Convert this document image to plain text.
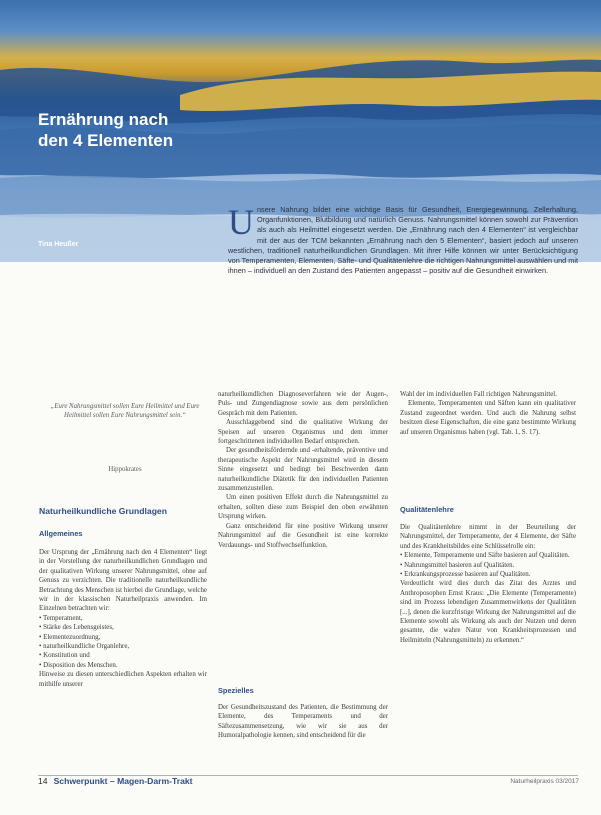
Ernährung nach
den 4 Elementen
Tina Heußer
Unsere Nahrung bildet eine wichtige Basis für Gesundheit, Energiegewinnung, Zellerhaltung, Organfunktionen, Blutbildung und natürlich Genuss. Nahrungsmittel können sowohl zur Prävention als auch als Heilmittel eingesetzt werden. Die „Ernährung nach den 4 Elementen“ ist vergleichbar mit der aus der TCM bekannten „Ernährung nach den 5 Elementen“, basiert jedoch auf unseren westlichen, traditionell naturheilkundlichen Grundlagen. Mit ihrer Hilfe können wir unter Berücksichtigung von Temperamenten, Elementen, Säfte- und Qualitätenlehre die richtigen Nahrungsmittel auswählen und mit ihnen – individuell an den Zustand des Patienten angepasst – positiv auf die Gesundheit einwirken.
„Eure Nahrungsmittel sollen Eure Heilmittel und Eure Heilmittel sollen Eure Nahrungsmittel sein.“
Hippokrates
Naturheilkundliche Grundlagen
Allgemeines

Der Ursprung der „Ernährung nach den 4 Elementen“ liegt in der Vorstellung der naturheilkundlichen Grundlagen und der qualitativen Wirkung unserer Nahrungsmittel, ohne auf Genuss zu verzichten. Die traditionelle naturheilkundliche Betrachtung des Menschen ist hierbei die Grundlage, welche wir in der klassischen Naturheilpraxis anwenden. Im Einzelnen betrachten wir:

• Temperament,
• Stärke des Lebensgeistes,
• Elementezuordnung,
• naturheilkundliche Organlehre,
• Konstitution und
• Disposition des Menschen.

Hinweise zu diesen unterschiedlichen Aspekten erhalten wir mithilfe unserer

naturheilkundlichen Diagnoseverfahren wie der Augen-, Puls- und Zungendiagnose sowie aus dem persönlichen Gespräch mit dem Patienten.

Ausschlaggebend sind die qualitative Wirkung der Speisen auf unseren Organismus und dem immer fortgeschrittenen individuellen Bedarf entsprechen.

Der gesundheitsfördernde und -erhaltende, präventive und therapeutische Aspekt der Nahrungsmittel wird in diesem Sinne eingesetzt und bedingt bei Beschwerden dann naturheilkundliche Diätetik für den individuellen Patienten zusammenzustellen.

Um einen positiven Effekt durch die Nahrungsmittel zu erhalten, sollten diese zum Beispiel den oben erwähnten Ursprung wirken.

Ganz entscheidend für eine positive Wirkung unserer Nahrungsmittel auf die Gesundheit ist eine korrekte Verdauungs- und Stoffwechselfunktion.

Spezielles

Der Gesundheitszustand des Patienten, die Bestimmung der Elemente, des Temperaments und der Säftezusammensetzung, wie wir sie aus der Humoralpathologie kennen, sind entscheidend für die

Wahl der im individuellen Fall richtigen Nahrungsmittel.

Elemente, Temperamenten und Säften kann ein qualitativer Zustand zugeordnet werden. Und auch die Nahrung selbst besitzen diese Eigenschaften, die eine ganz bestimmte Wirkung auf unseren Organismus haben (vgl. Tab. 1, S. 17).

Qualitätenlehre

Die Qualitätenlehre nimmt in der Beurteilung der Nahrungsmittel, der Temperamente, der 4 Elemente, der Säfte und des Krankheitsbildes eine Schlüsselrolle ein:

• Elemente, Temperamente und Säfte basieren auf Qualitäten.
• Nahrungsmittel basieren auf Qualitäten.
• Erkrankungsprozesse basieren auf Qualitäten.

Verdeutlicht wird dies durch das Zitat des Arztes und Anthroposophen Ernst Kraus: „Die Elemente (Temperamente) sind im Prozess lebendigen Zusammenwirkens der Qualitäten [...], denen die kurzfristige Wirkung der Nahrungsmittel auf die Elemente sowohl als Wirkung als auch der Nutzen und deren gesamte, die wahre Natur von Krankheitsprozessen und Heilmitteln (Nahrungsmitteln) zu erkennen.“

14 Schwerpunkt – Magen-Darm-Trakt	Naturheilpraxis 03/2017
